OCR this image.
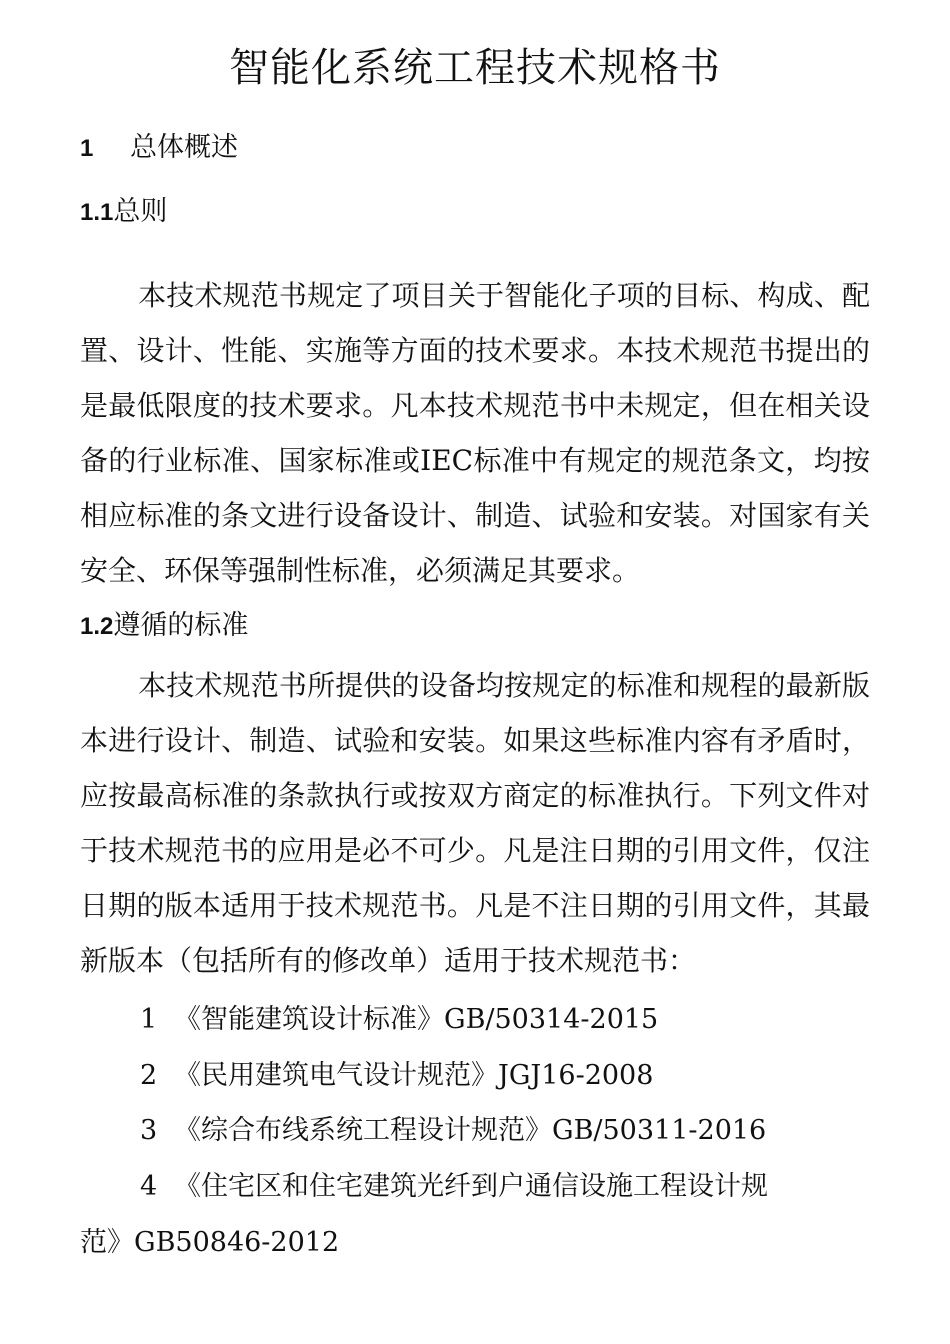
智能化系统工程技术规格书
1 总体概述
1.1总则
本技术规范书规定了项目关于智能化子项的目标、构成、配置、设计、性能、实施等方面的技术要求。本技术规范书提出的是最低限度的技术要求。凡本技术规范书中未规定，但在相关设备的行业标准、国家标准或IEC标准中有规定的规范条文，均按相应标准的条文进行设备设计、制造、试验和安装。对国家有关安全、环保等强制性标准，必须满足其要求。
1.2遵循的标准
本技术规范书所提供的设备均按规定的标准和规程的最新版本进行设计、制造、试验和安装。如果这些标准内容有矛盾时，应按最高标准的条款执行或按双方商定的标准执行。下列文件对于技术规范书的应用是必不可少。凡是注日期的引用文件，仅注日期的版本适用于技术规范书。凡是不注日期的引用文件，其最新版本（包括所有的修改单）适用于技术规范书：
1 《智能建筑设计标准》GB/50314-2015
2 《民用建筑电气设计规范》JGJ16-2008
3 《综合布线系统工程设计规范》GB/50311-2016
4 《住宅区和住宅建筑光纤到户通信设施工程设计规
范》GB50846-2012
